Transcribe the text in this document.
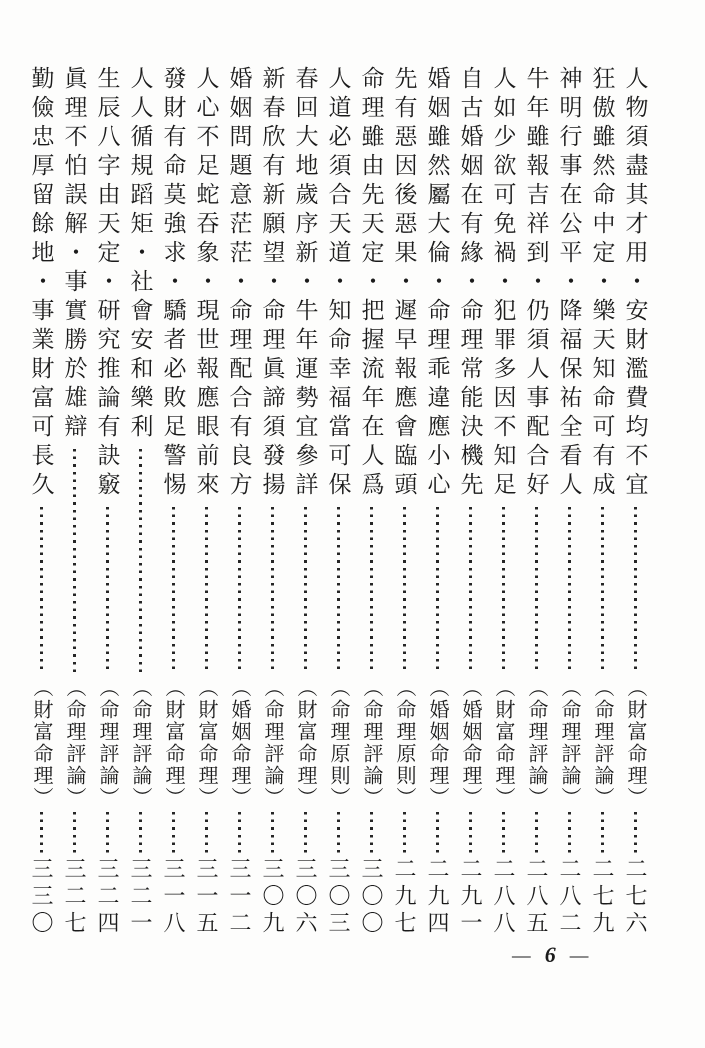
人物須盡其才用・安財濫費均不宜
（財富命理）
二七六
狂傲雖然命中定・樂天知命可有成
（命理評論）
二七九
神明行事在公平・降福保祐全看人
（命理評論）
二八二
牛年雖報吉祥到・仍須人事配合好
（命理評論）
二八五
人如少欲可免禍・犯罪多因不知足
（財富命理）
二八八
自古婚姻在有緣・命理常能決機先
（婚姻命理）
二九一
婚姻雖然屬大倫・命理乖違應小心
（婚姻命理）
二九四
先有惡因後惡果・遲早報應會臨頭
（命理原則）
二九七
命理雖由先天定・把握流年在人爲
（命理評論）
三〇〇
人道必須合天道・知命幸福當可保
（命理原則）
三〇三
春回大地歲序新・牛年運勢宜參詳
（財富命理）
三〇六
新春欣有新願望・命理眞諦須發揚
（命理評論）
三〇九
婚姻問題意茫茫・命理配合有良方
（婚姻命理）
三一二
人心不足蛇吞象・現世報應眼前來
（財富命理）
三一五
發財有命莫強求・驕者必敗足警惕
（財富命理）
三一八
人人循規蹈矩・社會安和樂利
（命理評論）
三二一
生辰八字由天定・研究推論有訣竅
（命理評論）
三二四
眞理不怕誤解・事實勝於雄辯
（命理評論）
三二七
勤儉忠厚留餘地・事業財富可長久
（財富命理）
三三〇
— 6 —
